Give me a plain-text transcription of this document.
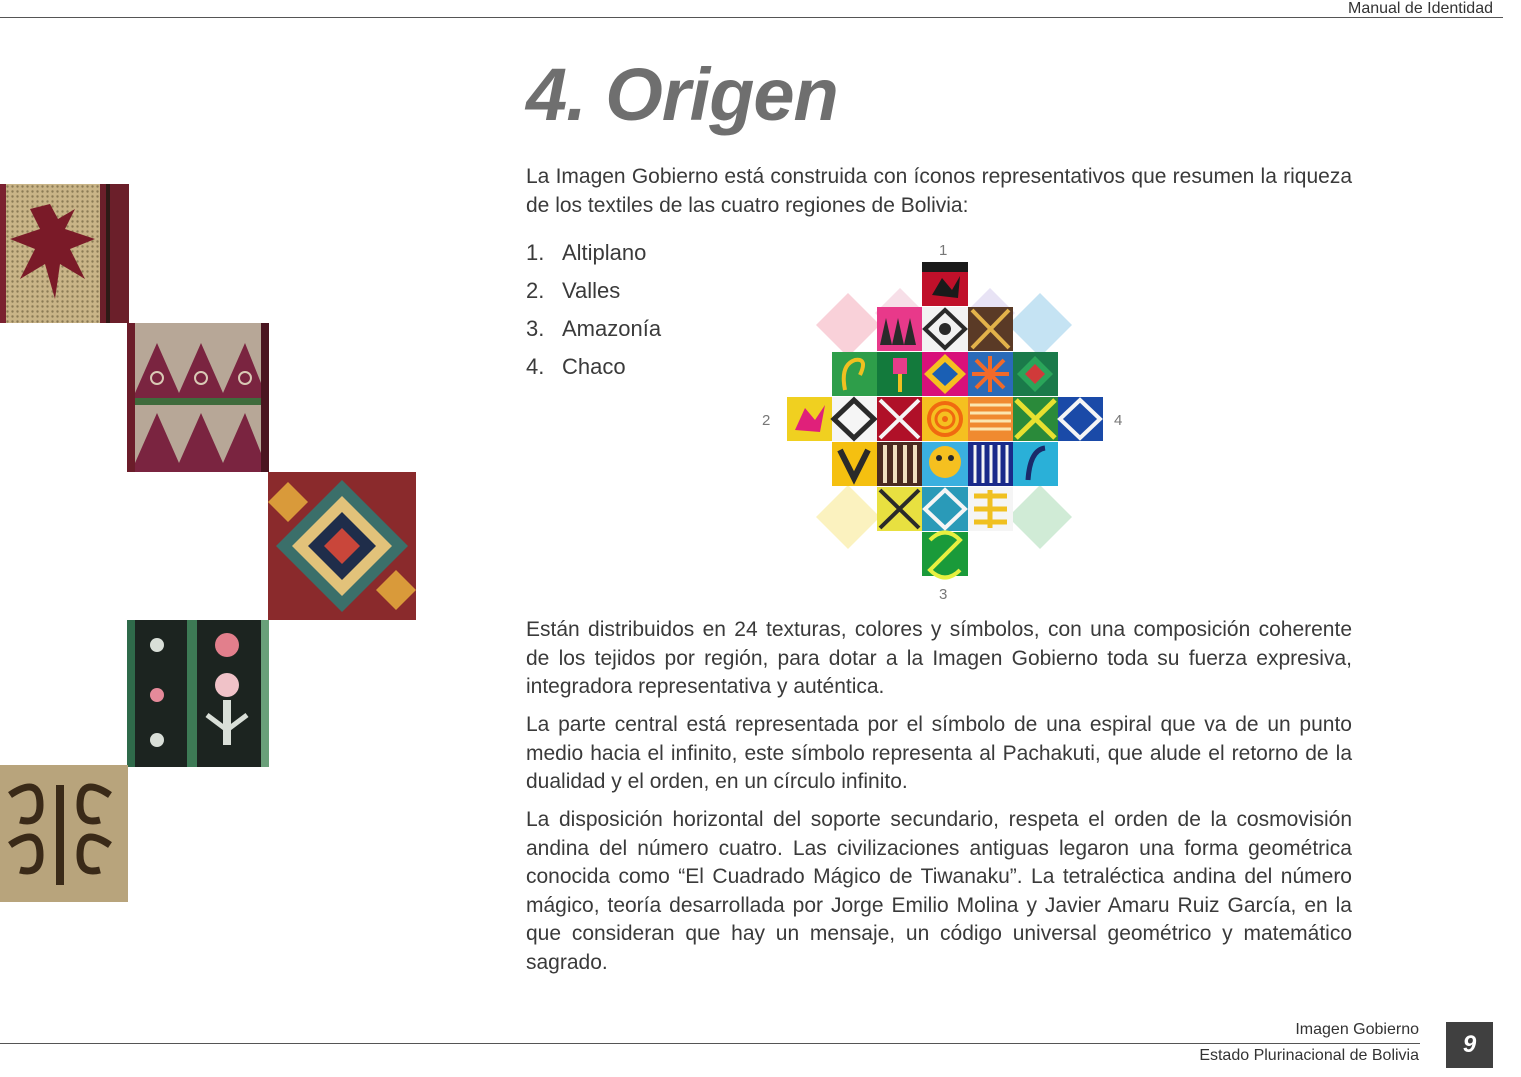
Manual de Identidad
4. Origen

La Imagen Gobierno está construida con íconos representativos que resumen la riqueza de los textiles de las cuatro regiones de Bolivia:

1. Altiplano
2. Valles
3. Amazonía
4. Chaco
1
2
3
4

Están distribuidos en 24 texturas, colores y símbolos, con una composición coherente de los tejidos por región, para dotar a la Imagen Gobierno toda su fuerza expresiva, integradora representativa y auténtica.

La parte central está representada por el símbolo de una espiral que va de un punto medio hacia el infinito, este símbolo representa al Pachakuti, que alude el retorno de la dualidad y el orden, en un círculo infinito.

La disposición horizontal del soporte secundario, respeta el orden de la cosmovisión andina del número cuatro. Las civilizaciones antiguas legaron una forma geométrica conocida como “El Cuadrado Mágico de Tiwanaku”. La tetraléctica andina del número mágico, teoría desarrollada por Jorge Emilio Molina y Javier Amaru Ruiz García, en la que consideran que hay un mensaje, un código universal geométrico y matemático sagrado.

Imagen Gobierno
Estado Plurinacional de Bolivia	9
